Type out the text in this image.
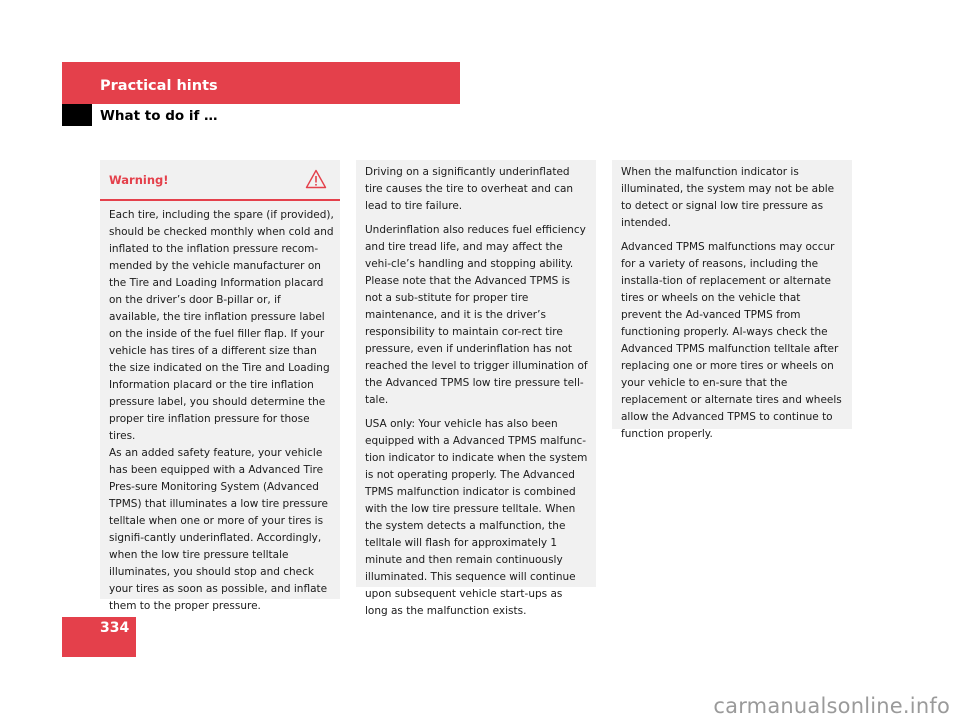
Practical hints
What to do if …
Warning!
Each tire, including the spare (if provided), should be checked monthly when cold and inflated to the inflation pressure recom-mended by the vehicle manufacturer on the Tire and Loading Information placard on the driver’s door B-pillar or, if available, the tire inflation pressure label on the inside of the fuel filler flap. If your vehicle has tires of a different size than the size indicated on the Tire and Loading Information placard or the tire inflation pressure label, you should determine the proper tire inflation pressure for those tires.
As an added safety feature, your vehicle has been equipped with a Advanced Tire Pres-sure Monitoring System (Advanced TPMS) that illuminates a low tire pressure telltale when one or more of your tires is signifi-cantly underinflated. Accordingly, when the low tire pressure telltale illuminates, you should stop and check your tires as soon as possible, and inflate them to the proper pressure.

Driving on a significantly underinflated tire causes the tire to overheat and can lead to tire failure.

Underinflation also reduces fuel efficiency and tire tread life, and may affect the vehi-cle’s handling and stopping ability. Please note that the Advanced TPMS is not a sub-stitute for proper tire maintenance, and it is the driver’s responsibility to maintain cor-rect tire pressure, even if underinflation has not reached the level to trigger illumination of the Advanced TPMS low tire pressure tell-tale.

USA only: Your vehicle has also been equipped with a Advanced TPMS malfunc-tion indicator to indicate when the system is not operating properly. The Advanced TPMS malfunction indicator is combined with the low tire pressure telltale. When the system detects a malfunction, the telltale will flash for approximately 1 minute and then remain continuously illuminated. This sequence will continue upon subsequent vehicle start-ups as long as the malfunction exists.

When the malfunction indicator is illuminated, the system may not be able to detect or signal low tire pressure as intended.

Advanced TPMS malfunctions may occur for a variety of reasons, including the installa-tion of replacement or alternate tires or wheels on the vehicle that prevent the Ad-vanced TPMS from functioning properly. Al-ways check the Advanced TPMS malfunction telltale after replacing one or more tires or wheels on your vehicle to en-sure that the replacement or alternate tires and wheels allow the Advanced TPMS to continue to function properly.

334
carmanualsonline.info
